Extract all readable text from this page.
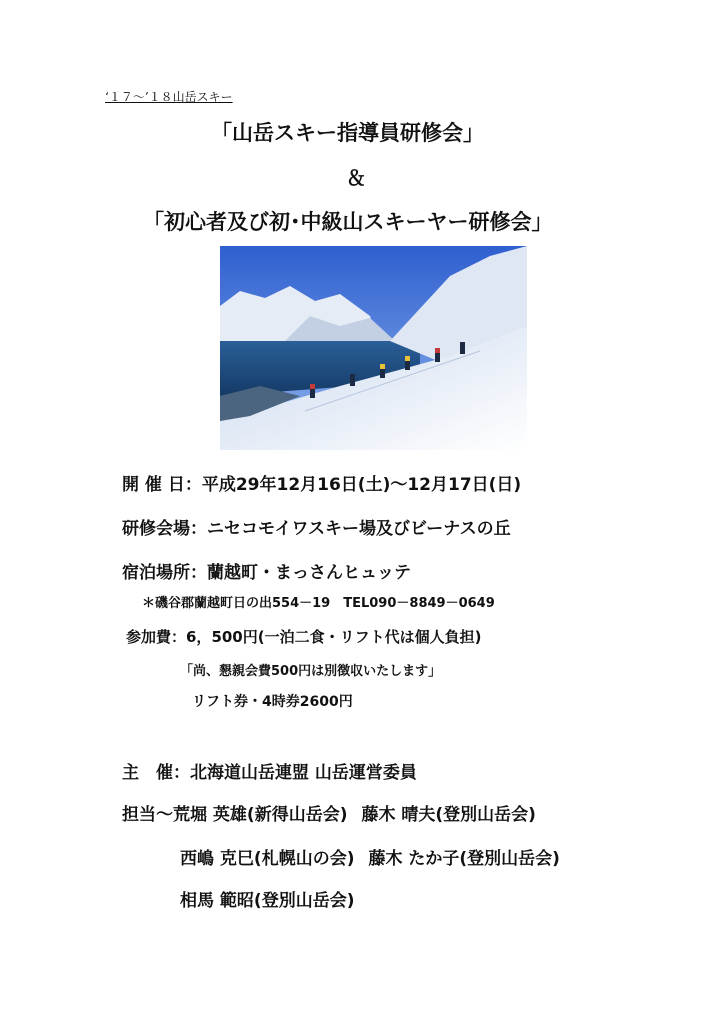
‘１７～’１８山岳スキー
「山岳スキー指導員研修会」
＆
「初心者及び初･中級山スキーヤー研修会」
開 催 日：平成29年12月16日(土)～12月17日(日)
研修会場：ニセコモイワスキー場及びビーナスの丘
宿泊場所：蘭越町・まっさんヒュッテ
＊磯谷郡蘭越町日の出554－19　TEL090－8849－0649
参加費：6，500円(一泊二食・リフト代は個人負担)
「尚、懇親会費500円は別徴収いたします」
リフト券・4時券2600円
主　催：北海道山岳連盟 山岳運営委員
担当～荒堀 英雄(新得山岳会) 藤木 晴夫(登別山岳会)
西嶋 克巳(札幌山の会) 藤木 たか子(登別山岳会)
相馬 範昭(登別山岳会)
